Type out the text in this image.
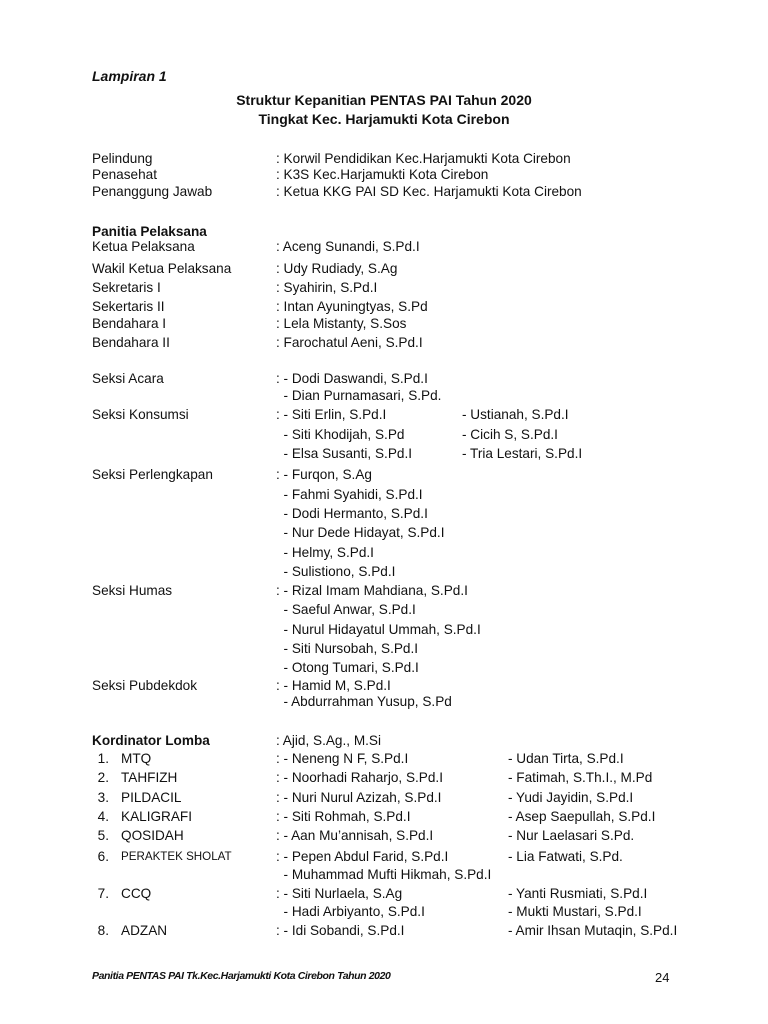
Lampiran 1
Struktur Kepanitian PENTAS PAI Tahun 2020
Tingkat Kec. Harjamukti Kota Cirebon
Pelindung	: Korwil Pendidikan Kec.Harjamukti Kota Cirebon
Penasehat	: K3S Kec.Harjamukti Kota Cirebon
Penanggung Jawab	: Ketua KKG PAI SD Kec. Harjamukti Kota Cirebon
Panitia Pelaksana
Ketua Pelaksana	: Aceng Sunandi, S.Pd.I
Wakil Ketua Pelaksana	: Udy Rudiady, S.Ag
Sekretaris I	: Syahirin, S.Pd.I
Sekertaris II	: Intan Ayuningtyas, S.Pd
Bendahara I	: Lela Mistanty, S.Sos
Bendahara II	: Farochatul Aeni, S.Pd.I
Seksi Acara	: - Dodi Daswandi, S.Pd.I
- Dian Purnamasari, S.Pd.
Seksi Konsumsi	: - Siti Erlin, S.Pd.I	- Ustianah, S.Pd.I
- Siti Khodijah, S.Pd	- Cicih S, S.Pd.I
- Elsa Susanti, S.Pd.I	- Tria Lestari, S.Pd.I
Seksi Perlengkapan	: - Furqon, S.Ag
- Fahmi Syahidi, S.Pd.I
- Dodi Hermanto, S.Pd.I
- Nur Dede Hidayat, S.Pd.I
- Helmy, S.Pd.I
- Sulistiono, S.Pd.I
Seksi Humas	: - Rizal Imam Mahdiana, S.Pd.I
- Saeful Anwar, S.Pd.I
- Nurul Hidayatul Ummah, S.Pd.I
- Siti Nursobah, S.Pd.I
- Otong Tumari, S.Pd.I
Seksi Pubdekdok	: - Hamid M, S.Pd.I
- Abdurrahman Yusup, S.Pd
Kordinator Lomba	: Ajid, S.Ag., M.Si
1. MTQ	: - Neneng N F, S.Pd.I	- Udan Tirta, S.Pd.I
2. TAHFIZH	: - Noorhadi Raharjo, S.Pd.I	- Fatimah, S.Th.I., M.Pd
3. PILDACIL	: - Nuri Nurul Azizah, S.Pd.I	- Yudi Jayidin, S.Pd.I
4. KALIGRAFI	: - Siti Rohmah, S.Pd.I	- Asep Saepullah, S.Pd.I
5. QOSIDAH	: - Aan Mu’annisah, S.Pd.I	- Nur Laelasari S.Pd.
6. PERAKTEK SHOLAT	: - Pepen Abdul Farid, S.Pd.I	- Lia Fatwati, S.Pd.
- Muhammad Mufti Hikmah, S.Pd.I
7. CCQ	: - Siti Nurlaela, S.Ag	- Yanti Rusmiati, S.Pd.I
- Hadi Arbiyanto, S.Pd.I	- Mukti Mustari, S.Pd.I
8. ADZAN	: - Idi Sobandi, S.Pd.I	- Amir Ihsan Mutaqin, S.Pd.I
Panitia PENTAS PAI Tk.Kec.Harjamukti Kota Cirebon Tahun 2020	24
